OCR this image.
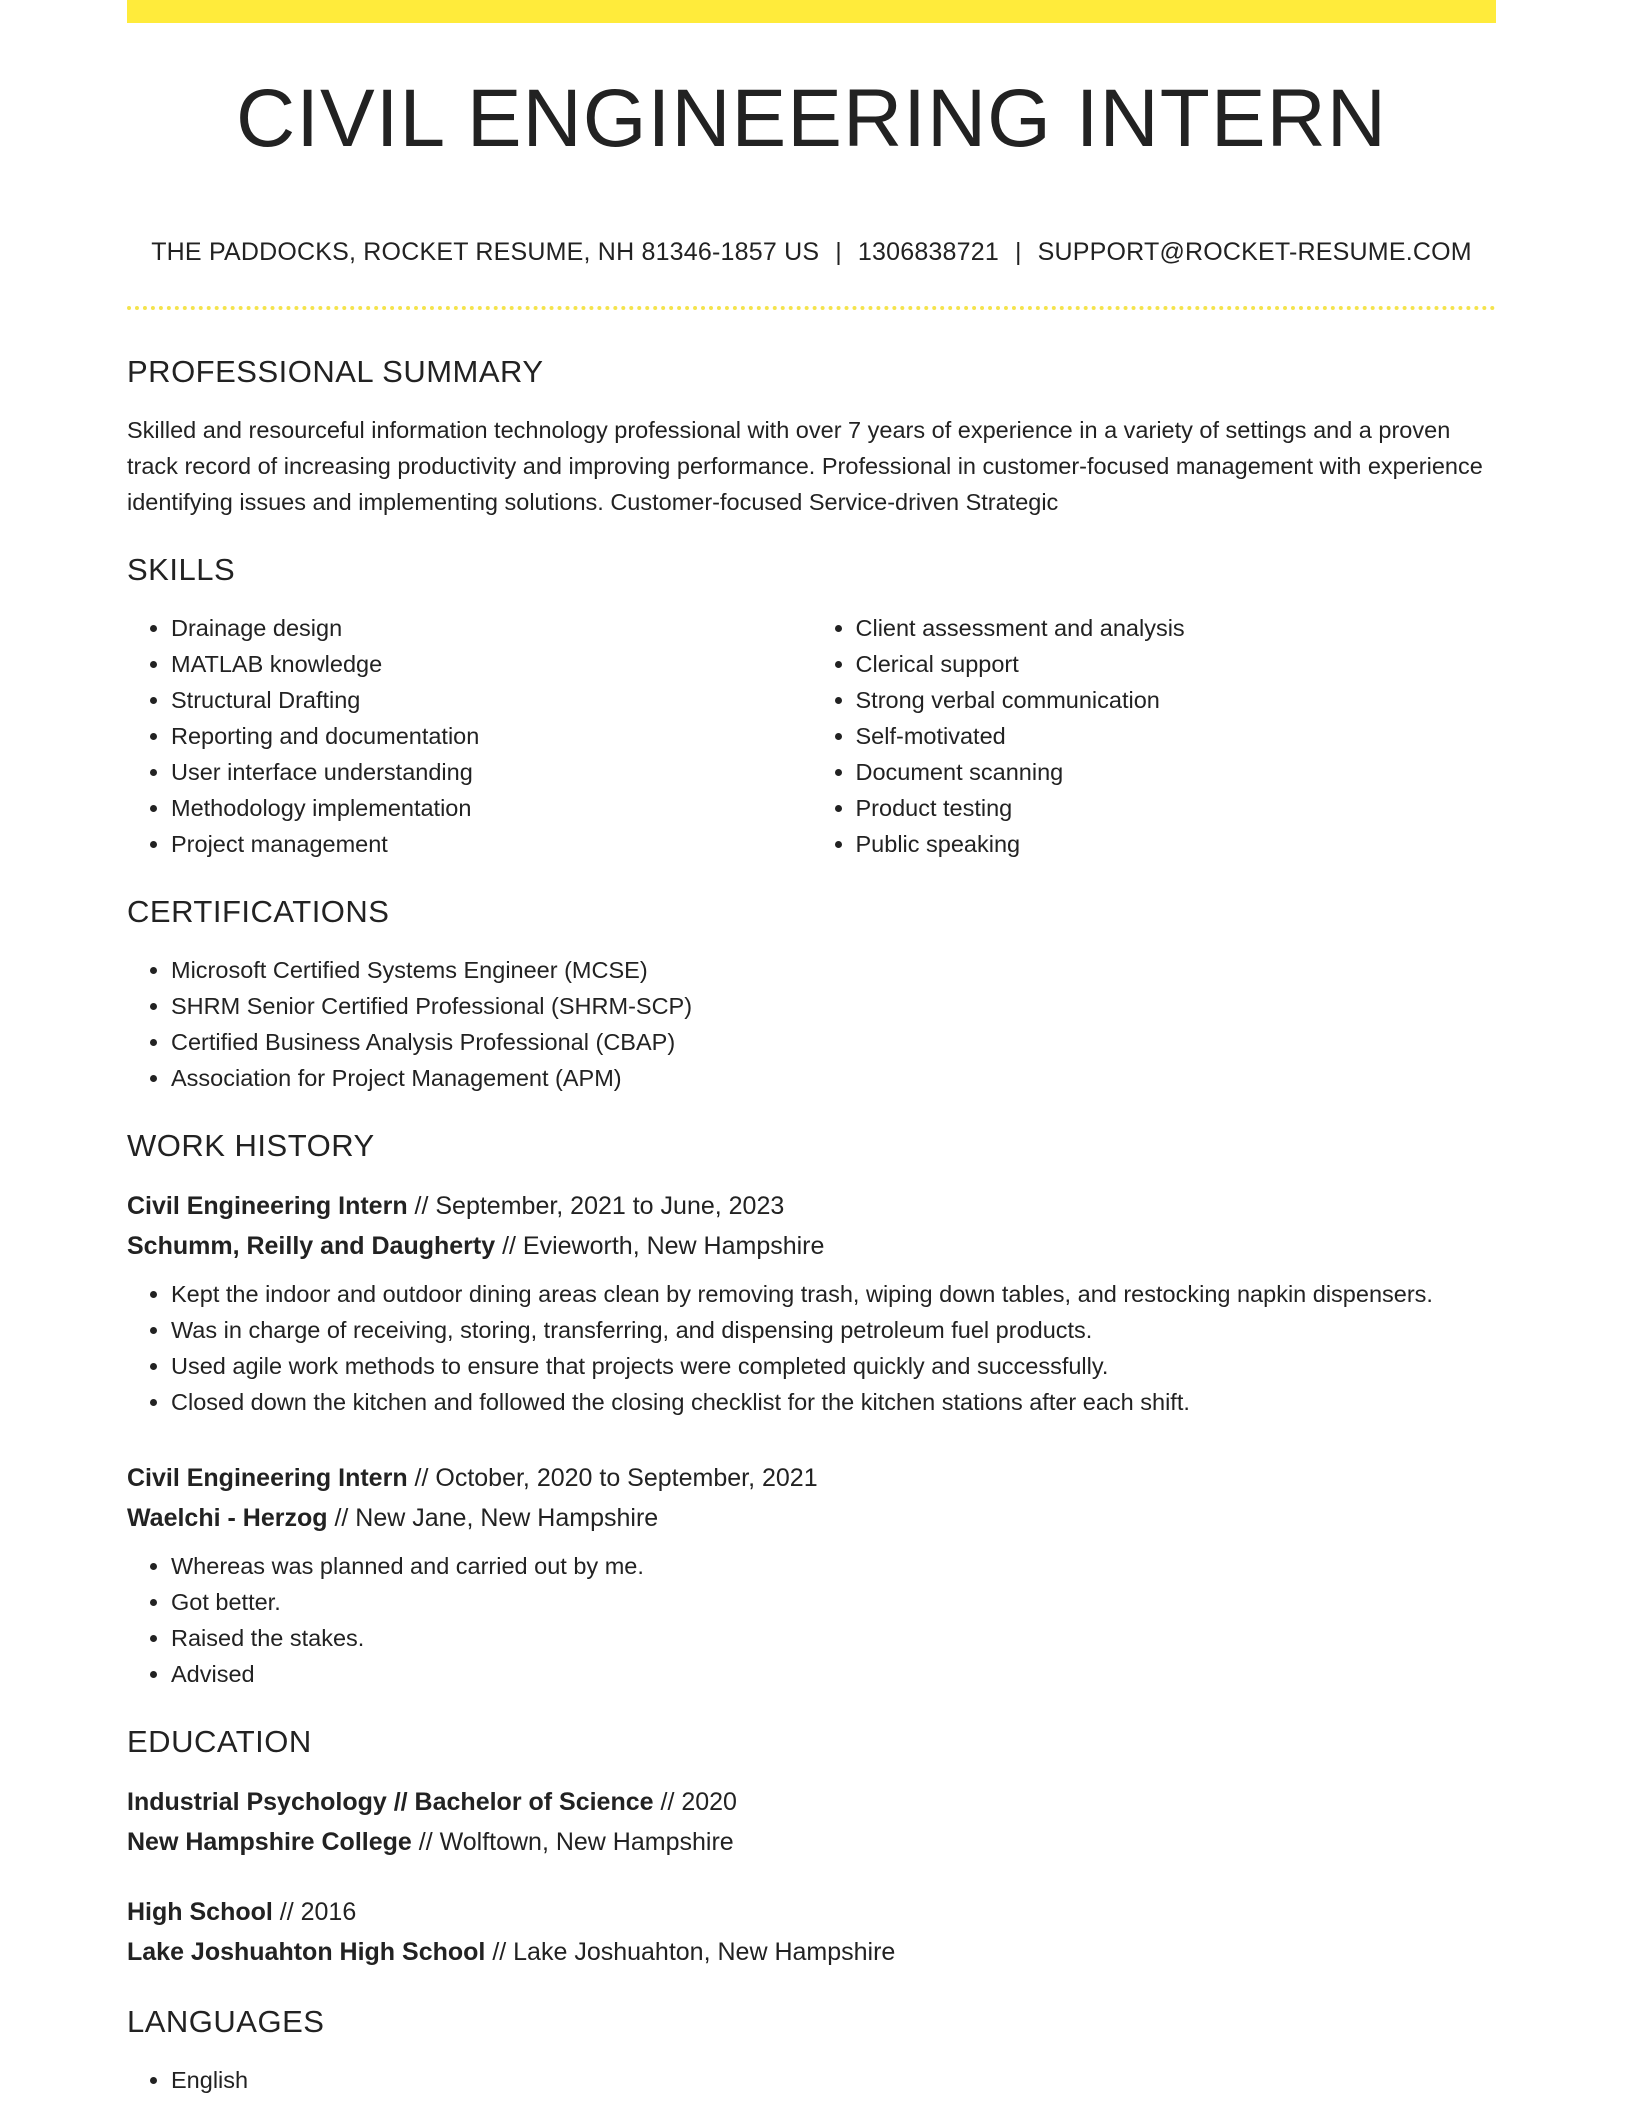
CIVIL ENGINEERING INTERN
THE PADDOCKS, ROCKET RESUME, NH 81346-1857 US | 1306838721 | SUPPORT@ROCKET-RESUME.COM
PROFESSIONAL SUMMARY

Skilled and resourceful information technology professional with over 7 years of experience in a variety of settings and a proven track record of increasing productivity and improving performance. Professional in customer-focused management with experience identifying issues and implementing solutions. Customer-focused Service-driven Strategic

SKILLS
• Drainage design
• MATLAB knowledge
• Structural Drafting
• Reporting and documentation
• User interface understanding
• Methodology implementation
• Project management
• Client assessment and analysis
• Clerical support
• Strong verbal communication
• Self-motivated
• Document scanning
• Product testing
• Public speaking
CERTIFICATIONS
• Microsoft Certified Systems Engineer (MCSE)
• SHRM Senior Certified Professional (SHRM-SCP)
• Certified Business Analysis Professional (CBAP)
• Association for Project Management (APM)
WORK HISTORY
Civil Engineering Intern // September, 2021 to June, 2023
Schumm, Reilly and Daugherty // Evieworth, New Hampshire
• Kept the indoor and outdoor dining areas clean by removing trash, wiping down tables, and restocking napkin dispensers.
• Was in charge of receiving, storing, transferring, and dispensing petroleum fuel products.
• Used agile work methods to ensure that projects were completed quickly and successfully.
• Closed down the kitchen and followed the closing checklist for the kitchen stations after each shift.
Civil Engineering Intern // October, 2020 to September, 2021
Waelchi - Herzog // New Jane, New Hampshire
• Whereas was planned and carried out by me.
• Got better.
• Raised the stakes.
• Advised
EDUCATION
Industrial Psychology // Bachelor of Science // 2020
New Hampshire College // Wolftown, New Hampshire
High School // 2016
Lake Joshuahton High School // Lake Joshuahton, New Hampshire
LANGUAGES
• English
